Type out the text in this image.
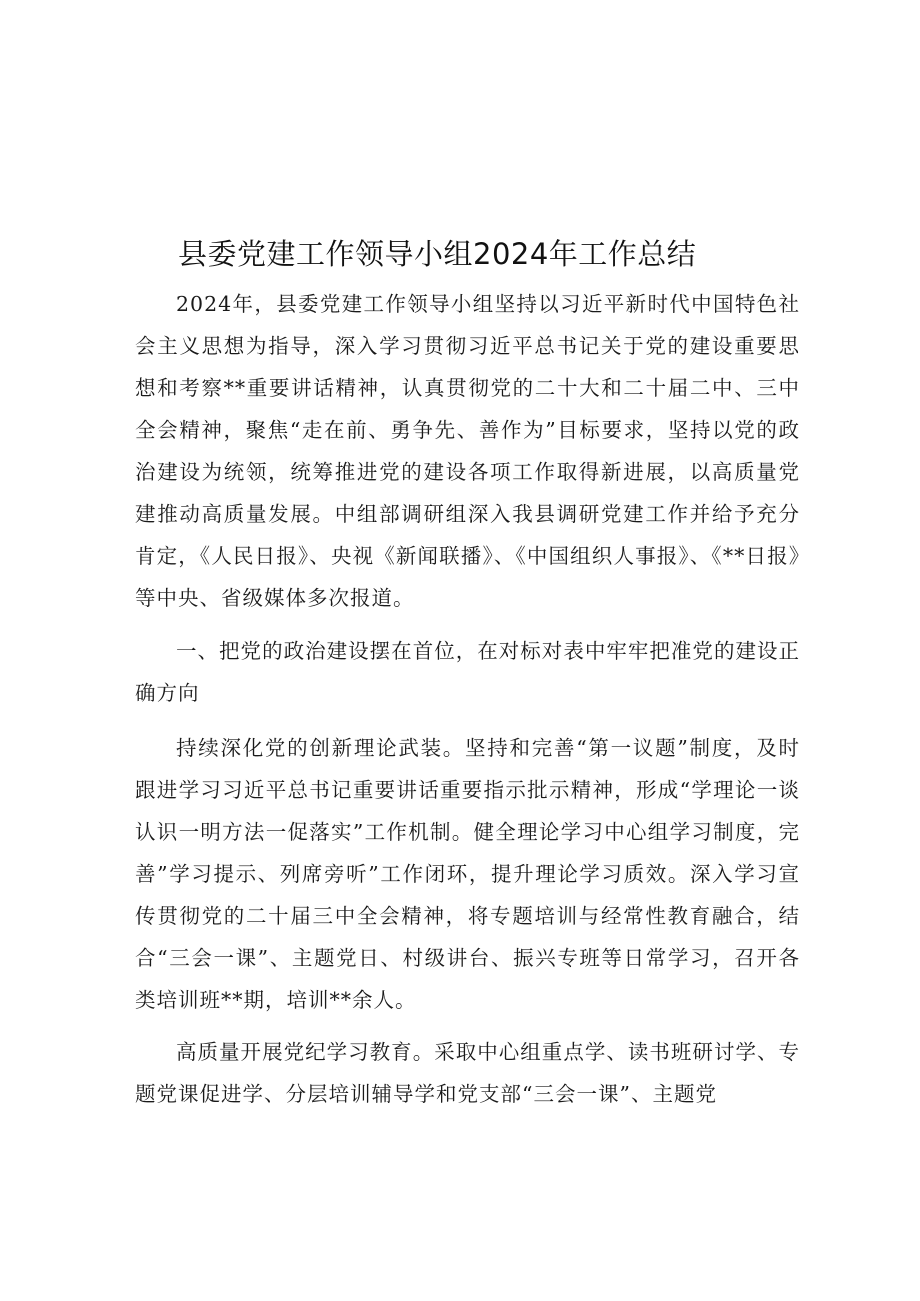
县委党建工作领导小组2024年工作总结

2024年，县委党建工作领导小组坚持以习近平新时代中国特色社会主义思想为指导，深入学习贯彻习近平总书记关于党的建设重要思想和考察**重要讲话精神，认真贯彻党的二十大和二十届二中、三中全会精神，聚焦“走在前、勇争先、善作为”目标要求，坚持以党的政治建设为统领，统筹推进党的建设各项工作取得新进展，以高质量党建推动高质量发展。中组部调研组深入我县调研党建工作并给予充分肯定，《人民日报》、央视《新闻联播》、《中国组织人事报》、《**日报》等中央、省级媒体多次报道。

一、把党的政治建设摆在首位，在对标对表中牢牢把准党的建设正确方向

持续深化党的创新理论武装。坚持和完善“第一议题”制度，及时跟进学习习近平总书记重要讲话重要指示批示精神，形成“学理论一谈认识一明方法一促落实”工作机制。健全理论学习中心组学习制度，完善”学习提示、列席旁听”工作闭环，提升理论学习质效。深入学习宣传贯彻党的二十届三中全会精神，将专题培训与经常性教育融合，结合“三会一课”、主题党日、村级讲台、振兴专班等日常学习，召开各类培训班**期，培训**余人。

高质量开展党纪学习教育。采取中心组重点学、读书班研讨学、专题党课促进学、分层培训辅导学和党支部“三会一课”、主题党
